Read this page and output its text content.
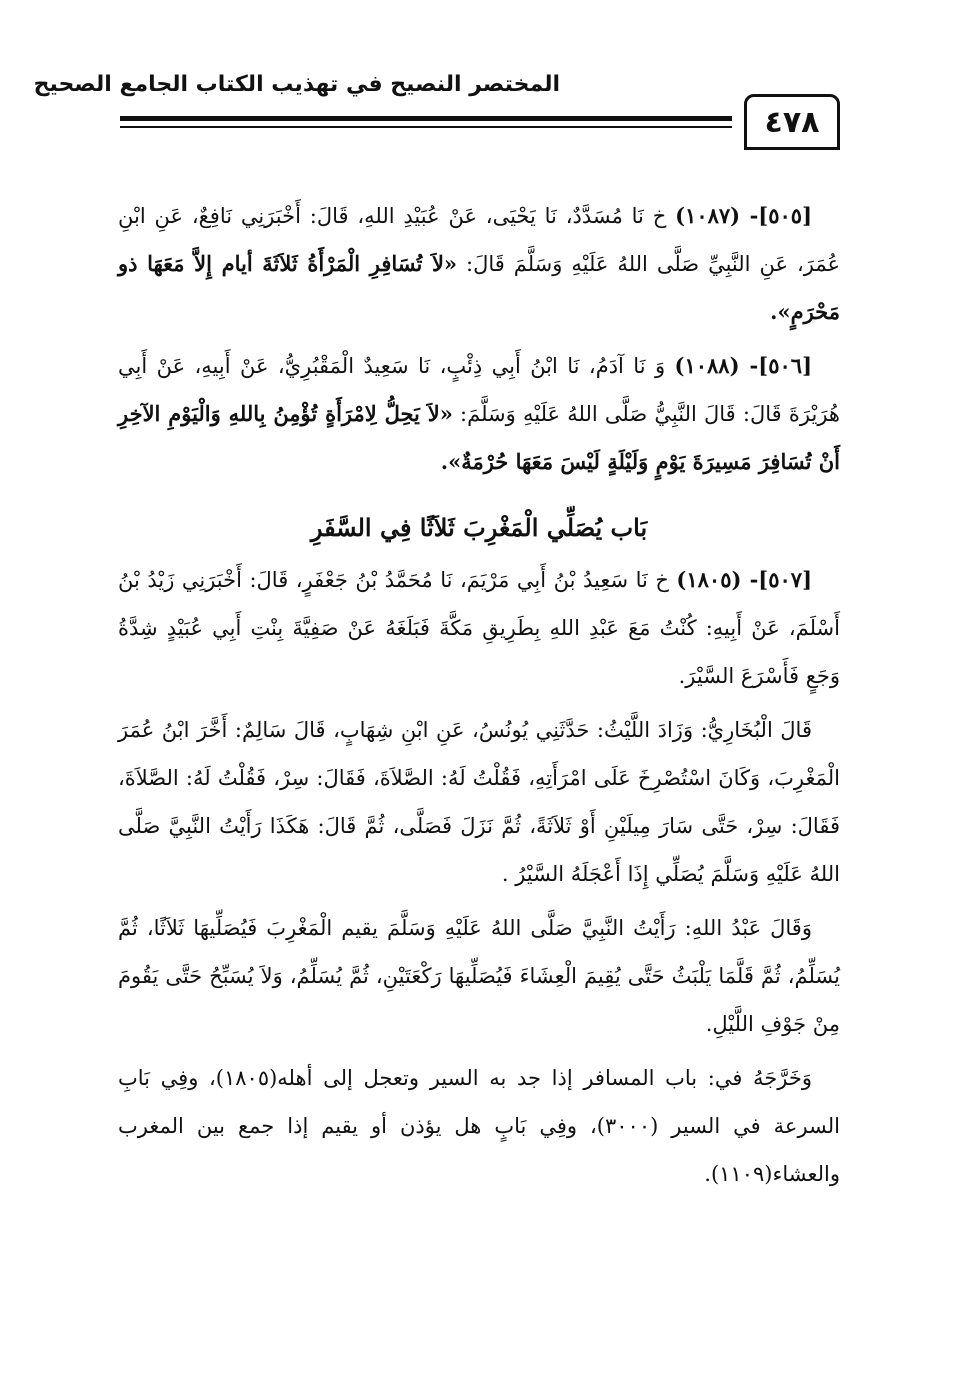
المختصر النصيح في تهذيب الكتاب الجامع الصحيح
٤٧٨

[٥٠٥]- (١٠٨٧) خ نَا مُسَدَّدٌ، نَا يَحْيَى، عَنْ عُبَيْدِ اللهِ، قَالَ: أَخْبَرَنِي نَافِعٌ، عَنِ ابْنِ عُمَرَ، عَنِ النَّبِيِّ صَلَّى اللهُ عَلَيْهِ وَسَلَّمَ قَالَ: «لاَ تُسَافِرِ الْمَرْأَةُ ثَلاَثَةَ أيام إِلاَّ مَعَهَا ذو مَحْرَمٍ».

[٥٠٦]- (١٠٨٨) وَ نَا آدَمُ، نَا ابْنُ أَبِي ذِئْبٍ، نَا سَعِيدٌ الْمَقْبُرِيُّ، عَنْ أَبِيهِ، عَنْ أَبِي هُرَيْرَةَ قَالَ: قَالَ النَّبِيُّ صَلَّى اللهُ عَلَيْهِ وَسَلَّمَ: «لاَ يَحِلُّ لِامْرَأَةٍ تُؤْمِنُ بِاللهِ وَالْيَوْمِ الآخِرِ أَنْ تُسَافِرَ مَسِيرَةَ يَوْمٍ وَلَيْلَةٍ لَيْسَ مَعَهَا حُرْمَةٌ».

بَاب يُصَلِّي الْمَغْرِبَ ثَلاَثًا فِي السَّفَرِ

[٥٠٧]- (١٨٠٥) خ نَا سَعِيدُ بْنُ أَبِي مَرْيَمَ، نَا مُحَمَّدُ بْنُ جَعْفَرٍ، قَالَ: أَخْبَرَنِي زَيْدُ بْنُ أَسْلَمَ، عَنْ أَبِيهِ: كُنْتُ مَعَ عَبْدِ اللهِ بِطَرِيقِ مَكَّةَ فَبَلَغَهُ عَنْ صَفِيَّةَ بِنْتِ أَبِي عُبَيْدٍ شِدَّةُ وَجَعٍ فَأَسْرَعَ السَّيْرَ.

قَالَ الْبُخَارِيُّ: وَزَادَ اللَّيْثُ: حَدَّثَنِي يُونُسُ، عَنِ ابْنِ شِهَابٍ، قَالَ سَالِمٌ: أَخَّرَ ابْنُ عُمَرَ الْمَغْرِبَ، وَكَانَ اسْتُصْرِخَ عَلَى امْرَأَتِهِ، فَقُلْتُ لَهُ: الصَّلاَةَ، فَقَالَ: سِرْ، فَقُلْتُ لَهُ: الصَّلاَةَ، فَقَالَ: سِرْ، حَتَّى سَارَ مِيلَيْنِ أَوْ ثَلاَثَةً، ثُمَّ نَزَلَ فَصَلَّى، ثُمَّ قَالَ: هَكَذَا رَأَيْتُ النَّبِيَّ صَلَّى اللهُ عَلَيْهِ وَسَلَّمَ يُصَلِّي إِذَا أَعْجَلَهُ السَّيْرُ .

وَقَالَ عَبْدُ اللهِ: رَأَيْتُ النَّبِيَّ صَلَّى اللهُ عَلَيْهِ وَسَلَّمَ يقيم الْمَغْرِبَ فَيُصَلِّيهَا ثَلاَثًا، ثُمَّ يُسَلِّمُ، ثُمَّ قَلَّمَا يَلْبَثُ حَتَّى يُقِيمَ الْعِشَاءَ فَيُصَلِّيهَا رَكْعَتَيْنِ، ثُمَّ يُسَلِّمُ، وَلاَ يُسَبِّحُ حَتَّى يَقُومَ مِنْ جَوْفِ اللَّيْلِ.

وَخَرَّجَهُ في: باب المسافر إذا جد به السير وتعجل إلى أهله(١٨٠٥)، وفِي بَابِ السرعة في السير (٣٠٠٠)، وفِي بَابٍ هل يؤذن أو يقيم إذا جمع بين المغرب والعشاء(١١٠٩).
